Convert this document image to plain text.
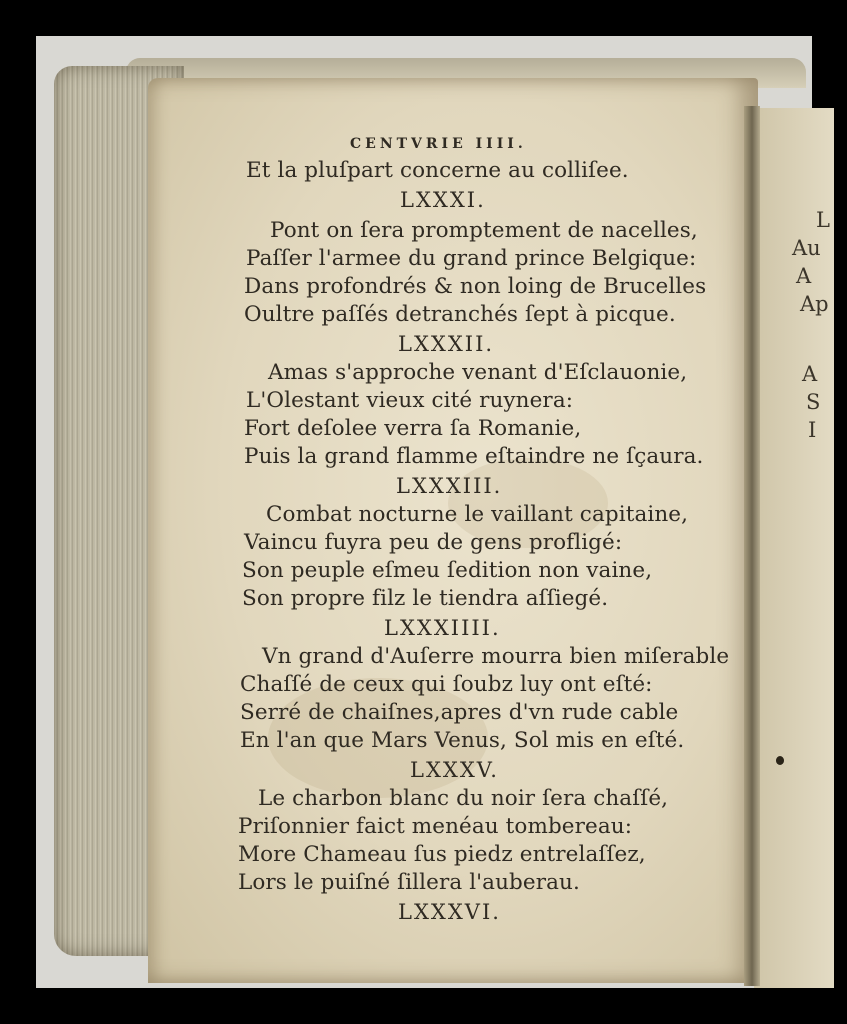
L
Au
A
Ap
A
S
I
CENTVRIE IIII.
Et la pluſpart concerne au colliſee.
LXXXI.
Pont on ſera promptement de nacelles,
Paſſer l'armee du grand prince Belgique:
Dans profondrés & non loing de Brucelles
Oultre paſſés detranchés ſept à picque.
LXXXII.
Amas s'approche venant d'Eſclauonie,
L'Olestant vieux cité ruynera:
Fort deſolee verra ſa Romanie,
Puis la grand flamme eſtaindre ne ſçaura.
LXXXIII.
Combat nocturne le vaillant capitaine,
Vaincu fuyra peu de gens profligé:
Son peuple eſmeu ſedition non vaine,
Son propre filz le tiendra aſſiegé.
LXXXIIII.
Vn grand d'Auſerre mourra bien miſerable
Chaſſé de ceux qui ſoubz luy ont eſté:
Serré de chaiſnes,apres d'vn rude cable
En l'an que Mars Venus, Sol mis en eſté.
LXXXV.
Le charbon blanc du noir ſera chaſſé,
Priſonnier faict menéau tombereau:
More Chameau ſus piedz entrelaſſez,
Lors le puiſné ſillera l'auberau.
LXXXVI.
